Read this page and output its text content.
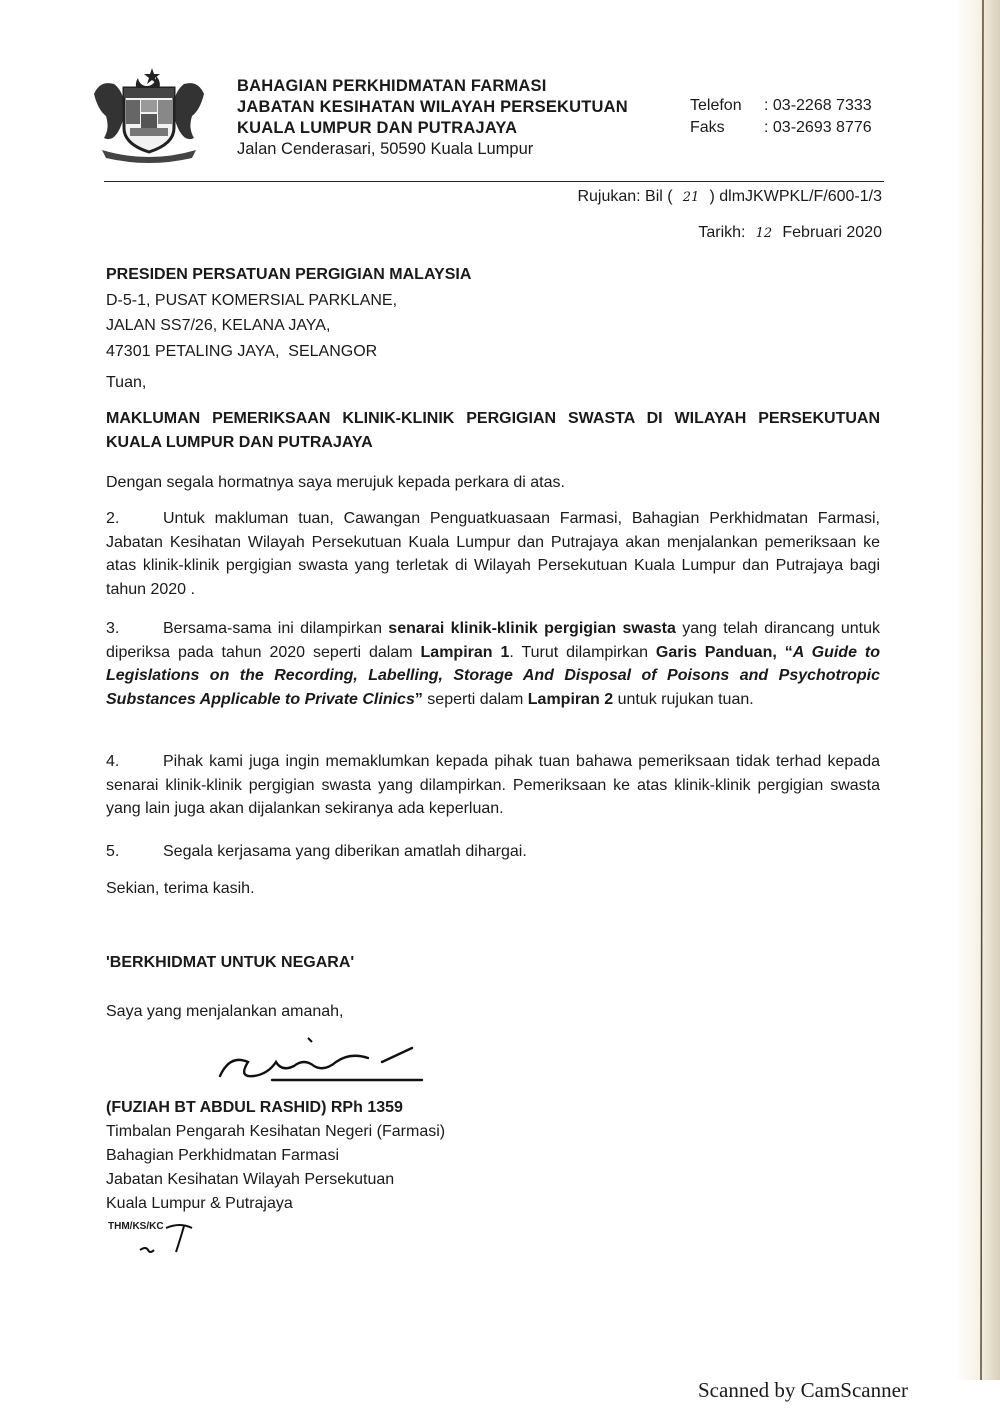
BAHAGIAN PERKHIDMATAN FARMASI
JABATAN KESIHATAN WILAYAH PERSEKUTUAN
KUALA LUMPUR DAN PUTRAJAYA
Jalan Cenderasari, 50590 Kuala Lumpur
Telefon	: 03-2268 7333
Faks	: 03-2693 8776
Rujukan: Bil ( 21 ) dlmJKWPKL/F/600-1/3
Tarikh: 12 Februari 2020
PRESIDEN PERSATUAN PERGIGIAN MALAYSIA
D-5-1, PUSAT KOMERSIAL PARKLANE,
JALAN SS7/26, KELANA JAYA,
47301 PETALING JAYA,  SELANGOR
Tuan,
MAKLUMAN PEMERIKSAAN KLINIK-KLINIK PERGIGIAN SWASTA DI WILAYAH PERSEKUTUAN KUALA LUMPUR DAN PUTRAJAYA
Dengan segala hormatnya saya merujuk kepada perkara di atas.
2.	Untuk makluman tuan, Cawangan Penguatkuasaan Farmasi, Bahagian Perkhidmatan Farmasi, Jabatan Kesihatan Wilayah Persekutuan Kuala Lumpur dan Putrajaya akan menjalankan pemeriksaan ke atas klinik-klinik pergigian swasta yang terletak di Wilayah Persekutuan Kuala Lumpur dan Putrajaya bagi tahun 2020 .
3.	Bersama-sama ini dilampirkan senarai klinik-klinik pergigian swasta yang telah dirancang untuk diperiksa pada tahun 2020 seperti dalam Lampiran 1. Turut dilampirkan Garis Panduan, “A Guide to Legislations on the Recording, Labelling, Storage And Disposal of Poisons and Psychotropic Substances Applicable to Private Clinics” seperti dalam Lampiran 2 untuk rujukan tuan.
4.	Pihak kami juga ingin memaklumkan kepada pihak tuan bahawa pemeriksaan tidak terhad kepada senarai klinik-klinik pergigian swasta yang dilampirkan. Pemeriksaan ke atas klinik-klinik pergigian swasta yang lain juga akan dijalankan sekiranya ada keperluan.
5.	Segala kerjasama yang diberikan amatlah dihargai.
Sekian, terima kasih.
'BERKHIDMAT UNTUK NEGARA'
Saya yang menjalankan amanah,
(FUZIAH BT ABDUL RASHID) RPh 1359
Timbalan Pengarah Kesihatan Negeri (Farmasi)
Bahagian Perkhidmatan Farmasi
Jabatan Kesihatan Wilayah Persekutuan
Kuala Lumpur & Putrajaya
THM/KS/KC
Scanned by CamScanner
